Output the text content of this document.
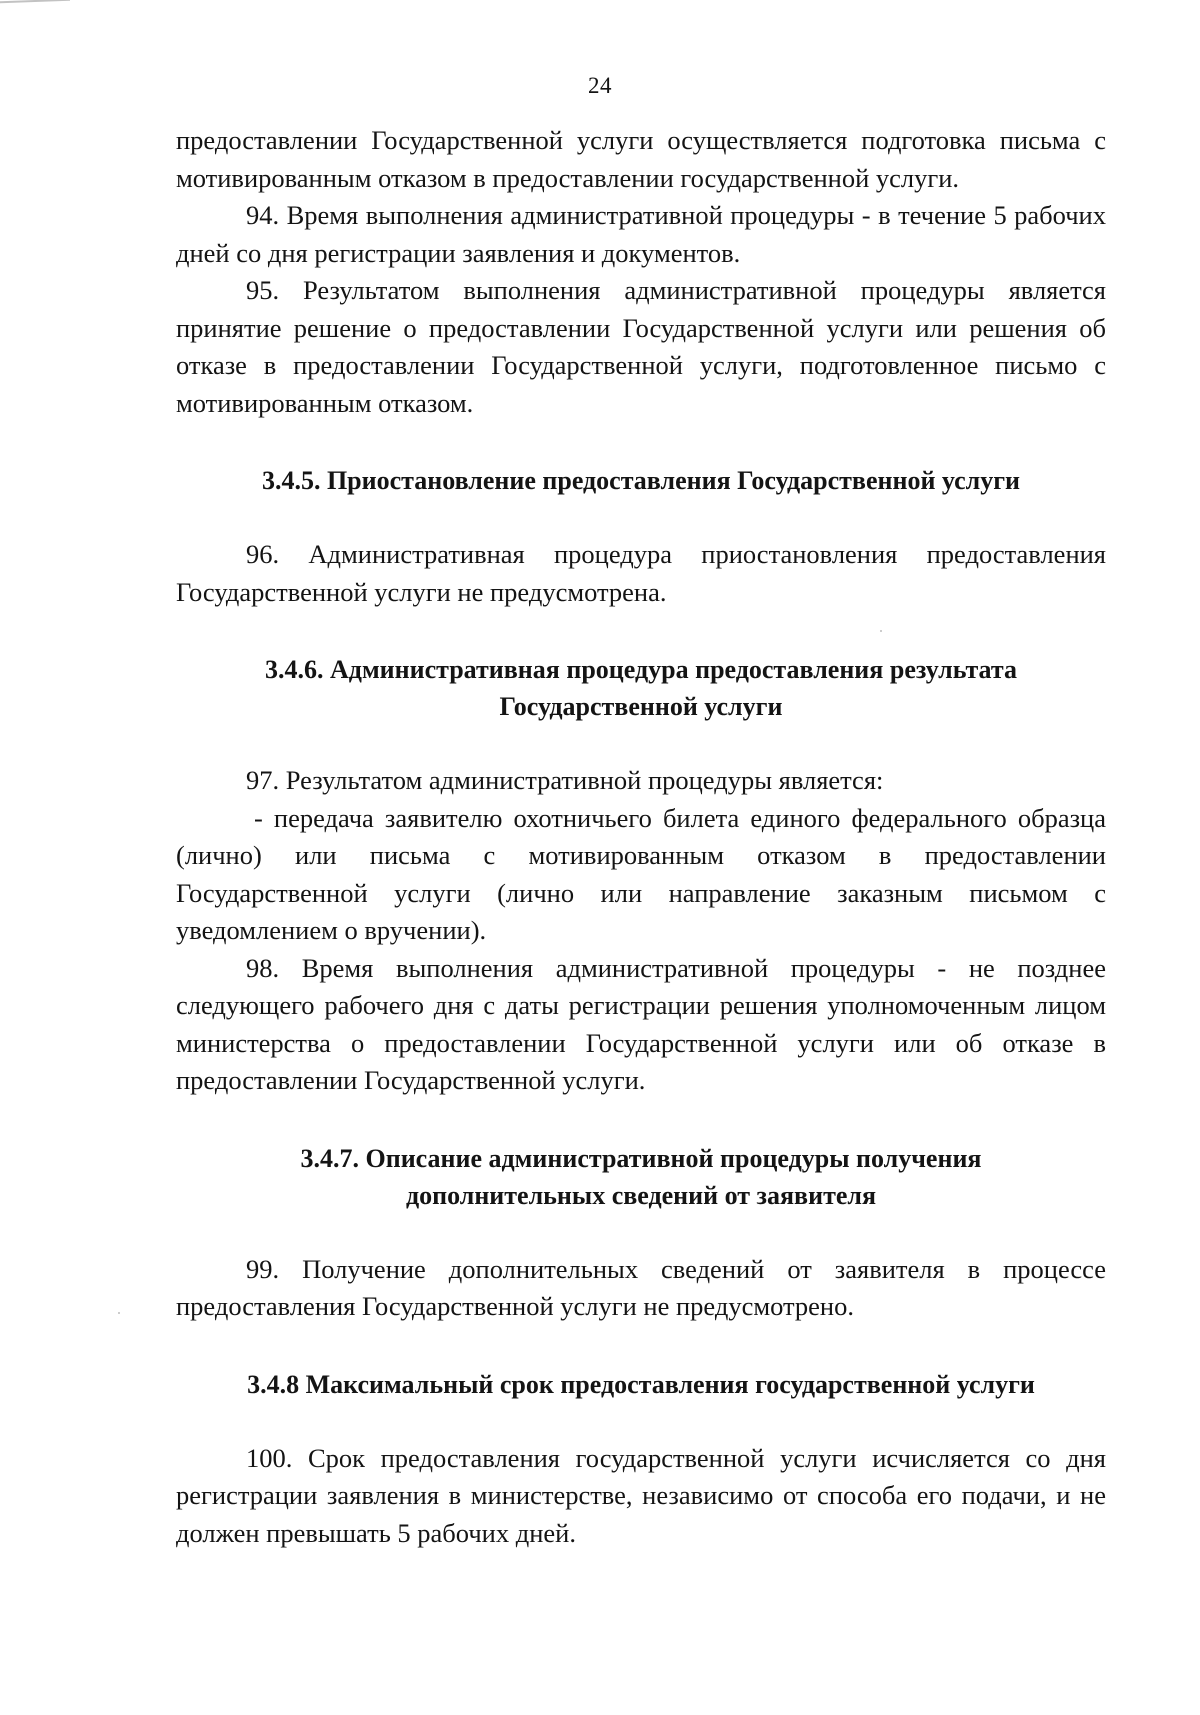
24

предоставлении Государственной услуги осуществляется подготовка письма с мотивированным отказом в предоставлении государственной услуги.

94. Время выполнения административной процедуры - в течение 5 рабочих дней со дня регистрации заявления и документов.

95. Результатом выполнения административной процедуры является принятие решение о предоставлении Государственной услуги или решения об отказе в предоставлении Государственной услуги, подготовленное письмо с мотивированным отказом.

3.4.5. Приостановление предоставления Государственной услуги

96. Административная процедура приостановления предоставления Государственной услуги не предусмотрена.

3.4.6. Административная процедура предоставления результата

Государственной услуги

97. Результатом административной процедуры является:

- передача заявителю охотничьего билета единого федерального образца (лично) или письма с мотивированным отказом в предоставлении Государственной услуги (лично или направление заказным письмом с уведомлением о вручении).

98. Время выполнения административной процедуры - не позднее следующего рабочего дня с даты регистрации решения уполномоченным лицом министерства о предоставлении Государственной услуги или об отказе в предоставлении Государственной услуги.

3.4.7. Описание административной процедуры получения

дополнительных сведений от заявителя

99. Получение дополнительных сведений от заявителя в процессе предоставления Государственной услуги не предусмотрено.

3.4.8 Максимальный срок предоставления государственной услуги

100. Срок предоставления государственной услуги исчисляется со дня регистрации заявления в министерстве, независимо от способа его подачи, и не должен превышать 5 рабочих дней.
